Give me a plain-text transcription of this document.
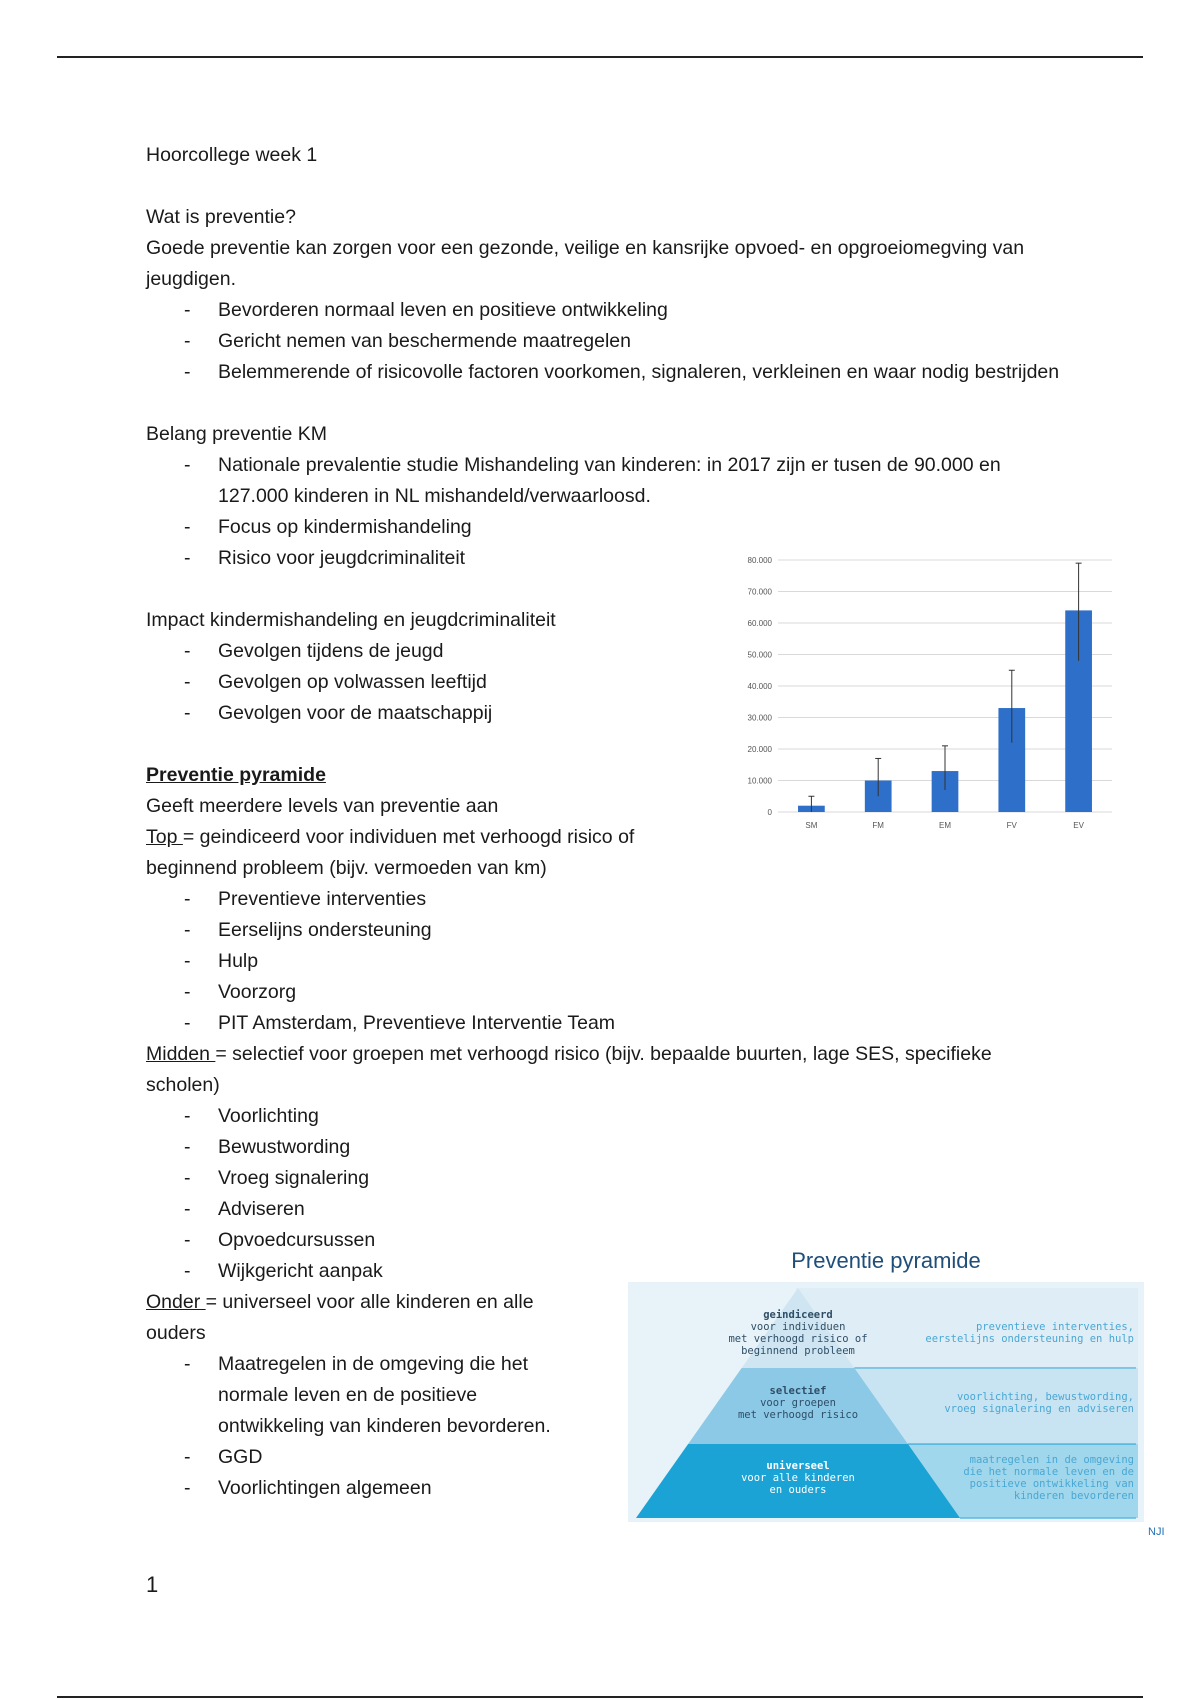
Hoorcollege week 1

Wat is preventie?

Goede preventie kan zorgen voor een gezonde, veilige en kansrijke opvoed- en opgroeiomegving van jeugdigen.

- Bevorderen normaal leven en positieve ontwikkeling
- Gericht nemen van beschermende maatregelen
- Belemmerende of risicovolle factoren voorkomen, signaleren, verkleinen en waar nodig bestrijden

Belang preventie KM

- Nationale prevalentie studie Mishandeling van kinderen: in 2017 zijn er tusen de 90.000 en 127.000 kinderen in NL mishandeld/verwaarloosd.
- Focus op kindermishandeling
- Risico voor jeugdcriminaliteit

Impact kindermishandeling en jeugdcriminaliteit

- Gevolgen tijdens de jeugd
- Gevolgen op volwassen leeftijd
- Gevolgen voor de maatschappij

Preventie pyramide

Geeft meerdere levels van preventie aan

Top = geindiceerd voor individuen met verhoogd risico of beginnend probleem (bijv. vermoeden van km)

- Preventieve interventies
- Eerselijns ondersteuning
- Hulp
- Voorzorg
- PIT Amsterdam, Preventieve Interventie Team

Midden = selectief voor groepen met verhoogd risico (bijv. bepaalde buurten, lage SES, specifieke scholen)

- Voorlichting
- Bewustwording
- Vroeg signalering
- Adviseren
- Opvoedcursussen
- Wijkgericht aanpak

Onder = universeel voor alle kinderen en alle ouders

- Maatregelen in de omgeving die het normale leven en de positieve ontwikkeling van kinderen bevorderen.
- GGD
- Voorlichtingen algemeen
1
0
10.000
20.000
30.000
40.000
50.000
60.000
70.000
80.000
SM	FM	EM	FV	EV
Preventie pyramide
geindiceerd
voor individuen
met verhoogd risico of
beginnend probleem
preventieve interventies,
eerstelijns ondersteuning en hulp
selectief
voor groepen
met verhoogd risico
voorlichting, bewustwording,
vroeg signalering en adviseren
universeel
voor alle kinderen
en ouders
maatregelen in de omgeving
die het normale leven en de
positieve ontwikkeling van
kinderen bevorderen
NJI
